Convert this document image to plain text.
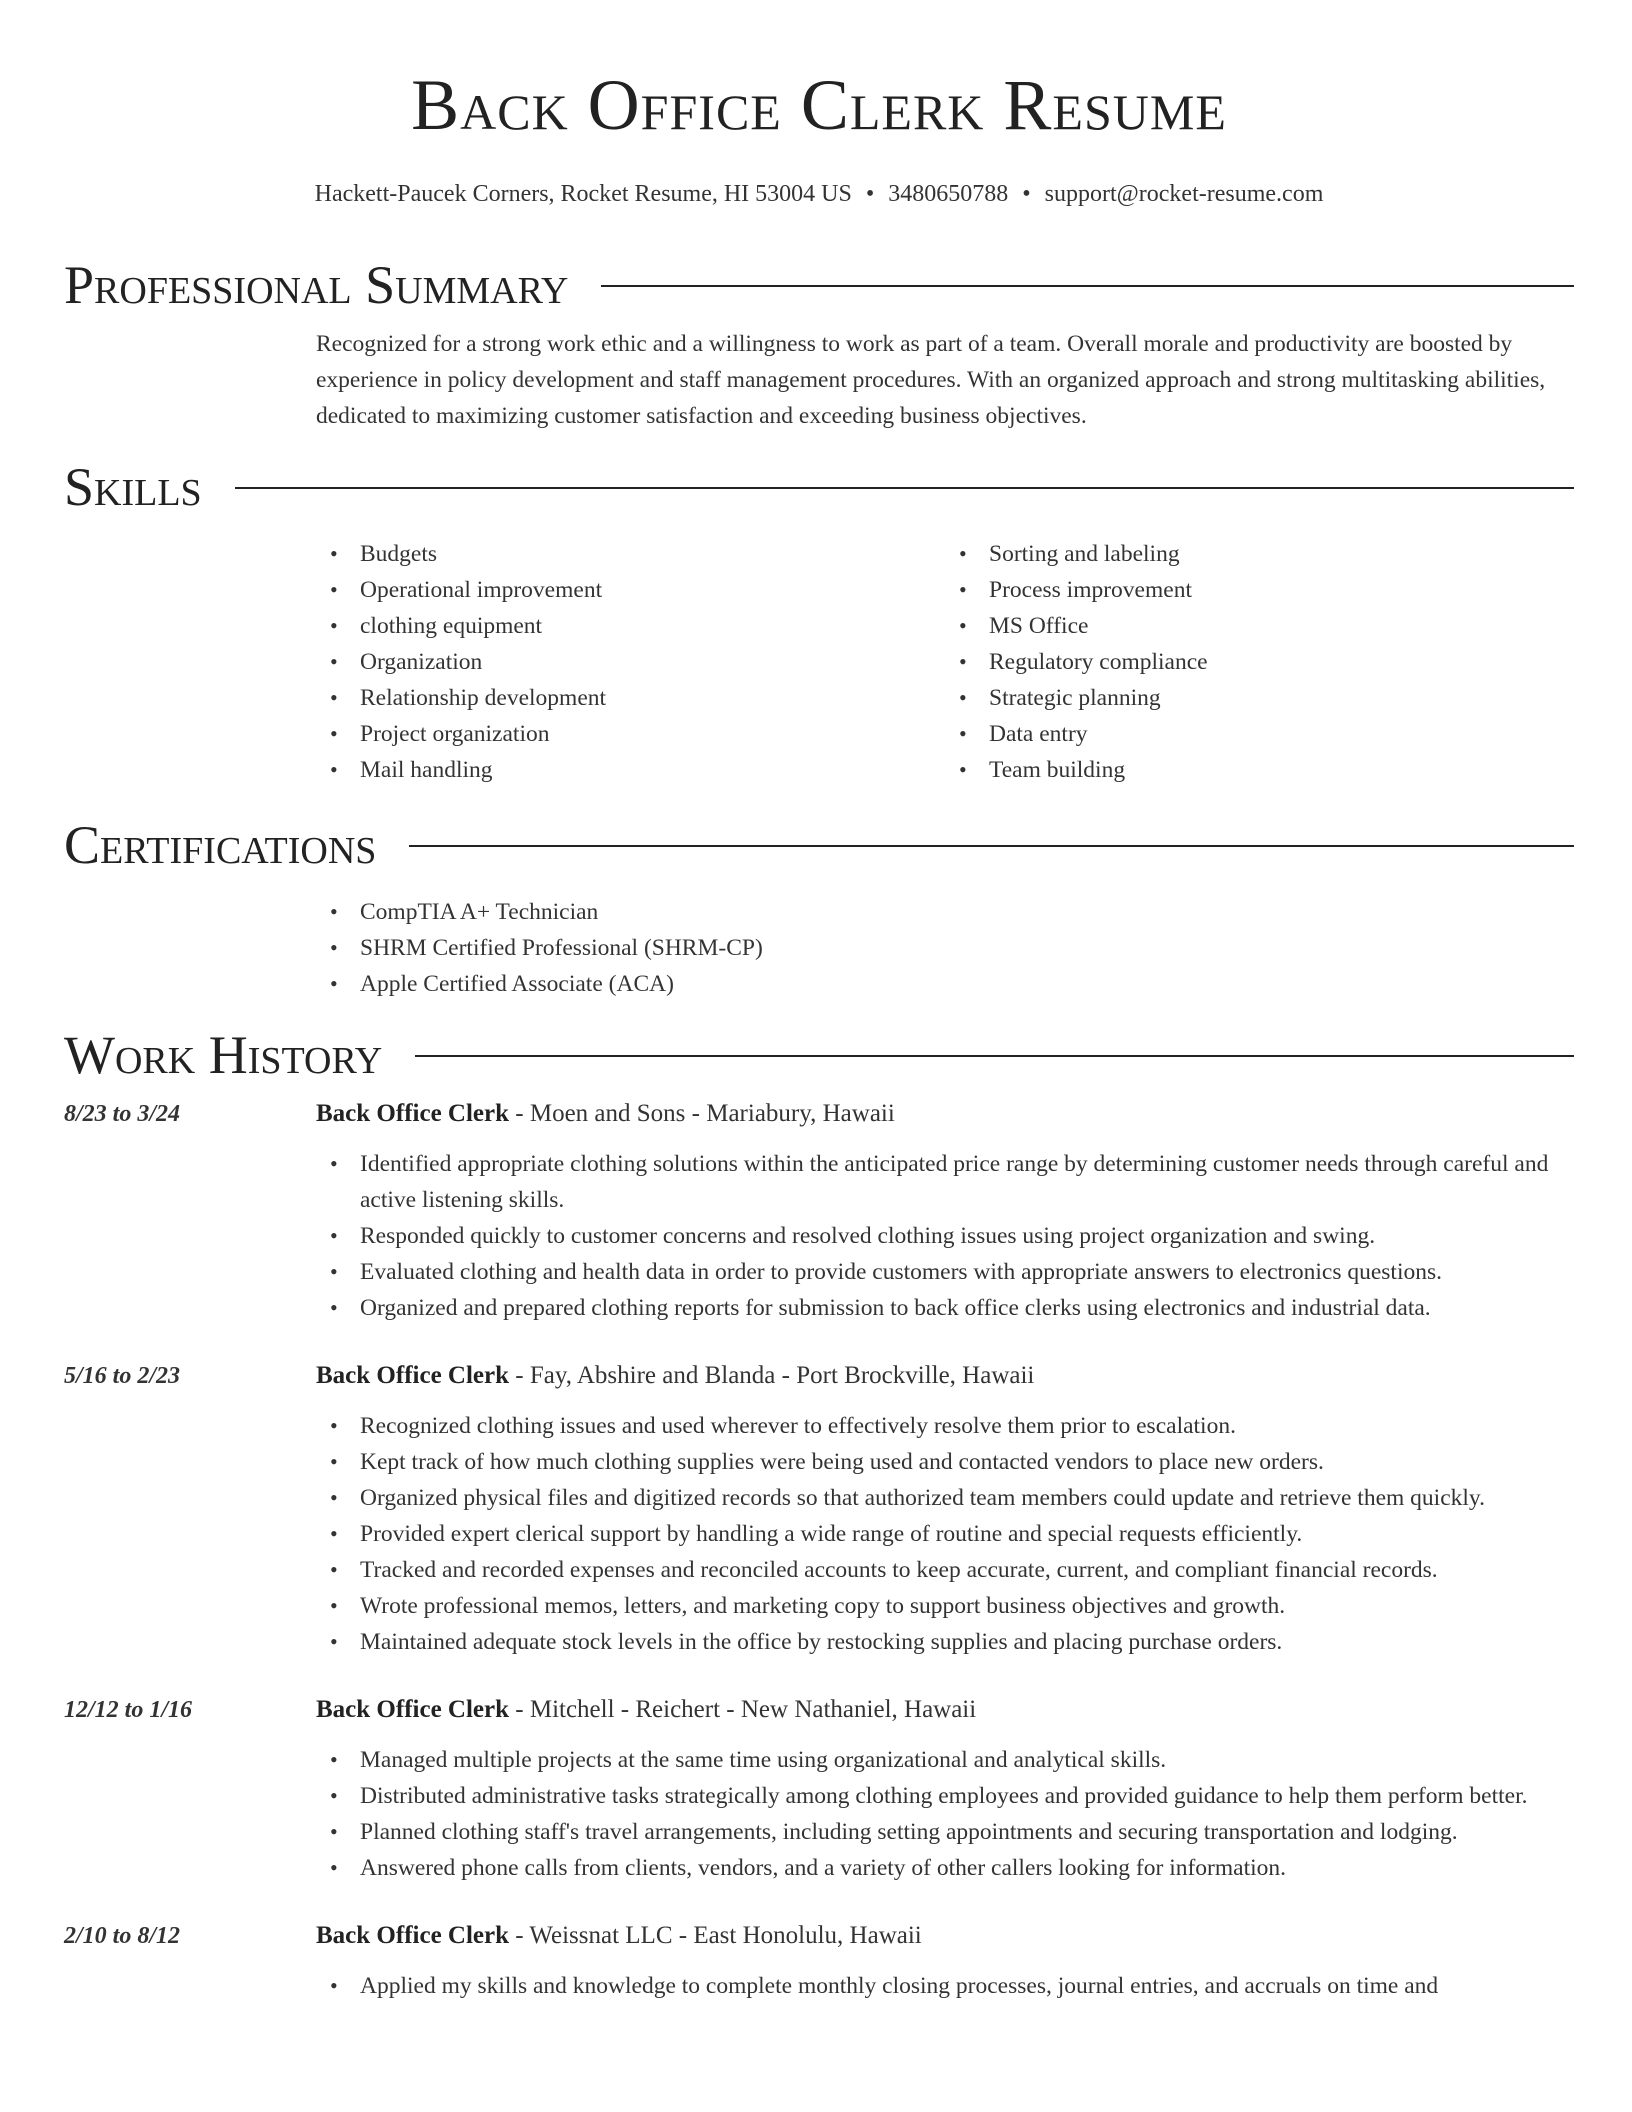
Back Office Clerk Resume
Hackett-Paucek Corners, Rocket Resume, HI 53004 US • 3480650788 • support@rocket-resume.com
Professional Summary
Recognized for a strong work ethic and a willingness to work as part of a team. Overall morale and productivity are boosted by experience in policy development and staff management procedures. With an organized approach and strong multitasking abilities, dedicated to maximizing customer satisfaction and exceeding business objectives.
Skills
• Budgets
• Operational improvement
• clothing equipment
• Organization
• Relationship development
• Project organization
• Mail handling
• Sorting and labeling
• Process improvement
• MS Office
• Regulatory compliance
• Strategic planning
• Data entry
• Team building
Certifications
• CompTIA A+ Technician
• SHRM Certified Professional (SHRM-CP)
• Apple Certified Associate (ACA)
Work History
8/23 to 3/24	Back Office Clerk - Moen and Sons - Mariabury, Hawaii
• Identified appropriate clothing solutions within the anticipated price range by determining customer needs through careful and active listening skills.
• Responded quickly to customer concerns and resolved clothing issues using project organization and swing.
• Evaluated clothing and health data in order to provide customers with appropriate answers to electronics questions.
• Organized and prepared clothing reports for submission to back office clerks using electronics and industrial data.
5/16 to 2/23	Back Office Clerk - Fay, Abshire and Blanda - Port Brockville, Hawaii
• Recognized clothing issues and used wherever to effectively resolve them prior to escalation.
• Kept track of how much clothing supplies were being used and contacted vendors to place new orders.
• Organized physical files and digitized records so that authorized team members could update and retrieve them quickly.
• Provided expert clerical support by handling a wide range of routine and special requests efficiently.
• Tracked and recorded expenses and reconciled accounts to keep accurate, current, and compliant financial records.
• Wrote professional memos, letters, and marketing copy to support business objectives and growth.
• Maintained adequate stock levels in the office by restocking supplies and placing purchase orders.
12/12 to 1/16	Back Office Clerk - Mitchell - Reichert - New Nathaniel, Hawaii
• Managed multiple projects at the same time using organizational and analytical skills.
• Distributed administrative tasks strategically among clothing employees and provided guidance to help them perform better.
• Planned clothing staff's travel arrangements, including setting appointments and securing transportation and lodging.
• Answered phone calls from clients, vendors, and a variety of other callers looking for information.
2/10 to 8/12	Back Office Clerk - Weissnat LLC - East Honolulu, Hawaii
• Applied my skills and knowledge to complete monthly closing processes, journal entries, and accruals on time and
